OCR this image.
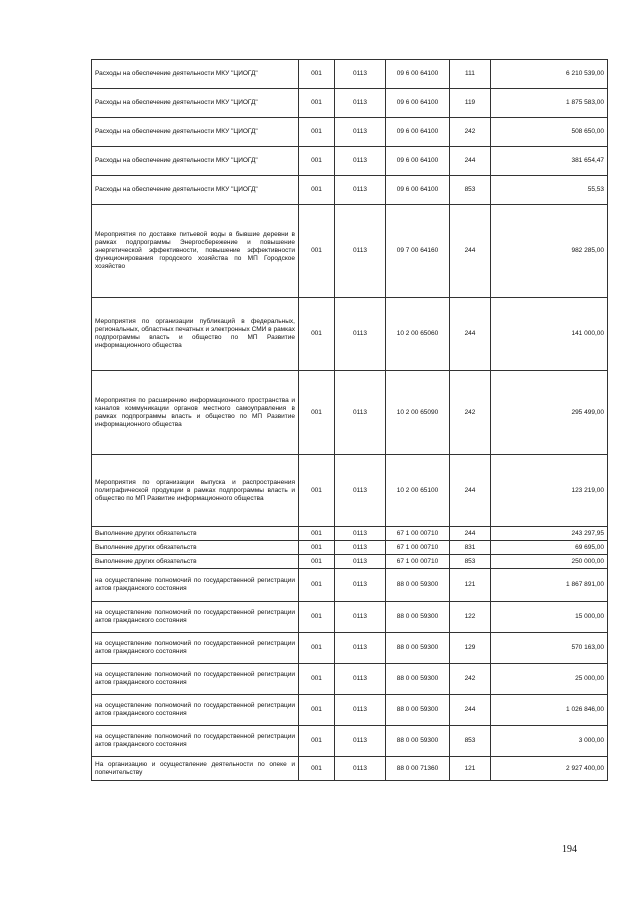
Расходы на обеспечение деятельности МКУ "ЦИОГД"	001	0113	09 6 00 64100	111	6 210 539,00
Расходы на обеспечение деятельности МКУ "ЦИОГД"	001	0113	09 6 00 64100	119	1 875 583,00
Расходы на обеспечение деятельности МКУ "ЦИОГД"	001	0113	09 6 00 64100	242	508 650,00
Расходы на обеспечение деятельности МКУ "ЦИОГД"	001	0113	09 6 00 64100	244	381 654,47
Расходы на обеспечение деятельности МКУ "ЦИОГД"	001	0113	09 6 00 64100	853	55,53
Мероприятия по доставке питьевой воды в бывшие деревни в рамках подпрограммы Энергосбережение и повышение энергетической эффективности, повышение эффективности функционирования городского хозяйства по МП Городское хозяйство	001	0113	09 7 00 64160	244	982 285,00
Мероприятия по организации публикаций в федеральных, региональных, областных печатных и электронных СМИ в рамках подпрограммы власть и общество по МП Развитие информационного общества	001	0113	10 2 00 65060	244	141 000,00
Мероприятия по расширению информационного пространства и каналов коммуникации органов местного самоуправления в рамках подпрограммы власть и общество по МП Развитие информационного общества	001	0113	10 2 00 65090	242	295 499,00
Мероприятия по организации выпуска и распространения полиграфической продукции в рамках подпрограммы власть и общество по МП Развитие информационного общества	001	0113	10 2 00 65100	244	123 219,00
Выполнение других обязательств	001	0113	67 1 00 00710	244	243 297,95
Выполнение других обязательств	001	0113	67 1 00 00710	831	69 695,00
Выполнение других обязательств	001	0113	67 1 00 00710	853	250 000,00
на осуществление полномочий по государственной регистрации актов гражданского состояния	001	0113	88 0 00 59300	121	1 867 891,00
на осуществление полномочий по государственной регистрации актов гражданского состояния	001	0113	88 0 00 59300	122	15 000,00
на осуществление полномочий по государственной регистрации актов гражданского состояния	001	0113	88 0 00 59300	129	570 163,00
на осуществление полномочий по государственной регистрации актов гражданского состояния	001	0113	88 0 00 59300	242	25 000,00
на осуществление полномочий по государственной регистрации актов гражданского состояния	001	0113	88 0 00 59300	244	1 026 846,00
на осуществление полномочий по государственной регистрации актов гражданского состояния	001	0113	88 0 00 59300	853	3 000,00
На организацию и осуществление деятельности по опеке и попечительству	001	0113	88 0 00 71360	121	2 927 400,00
194
